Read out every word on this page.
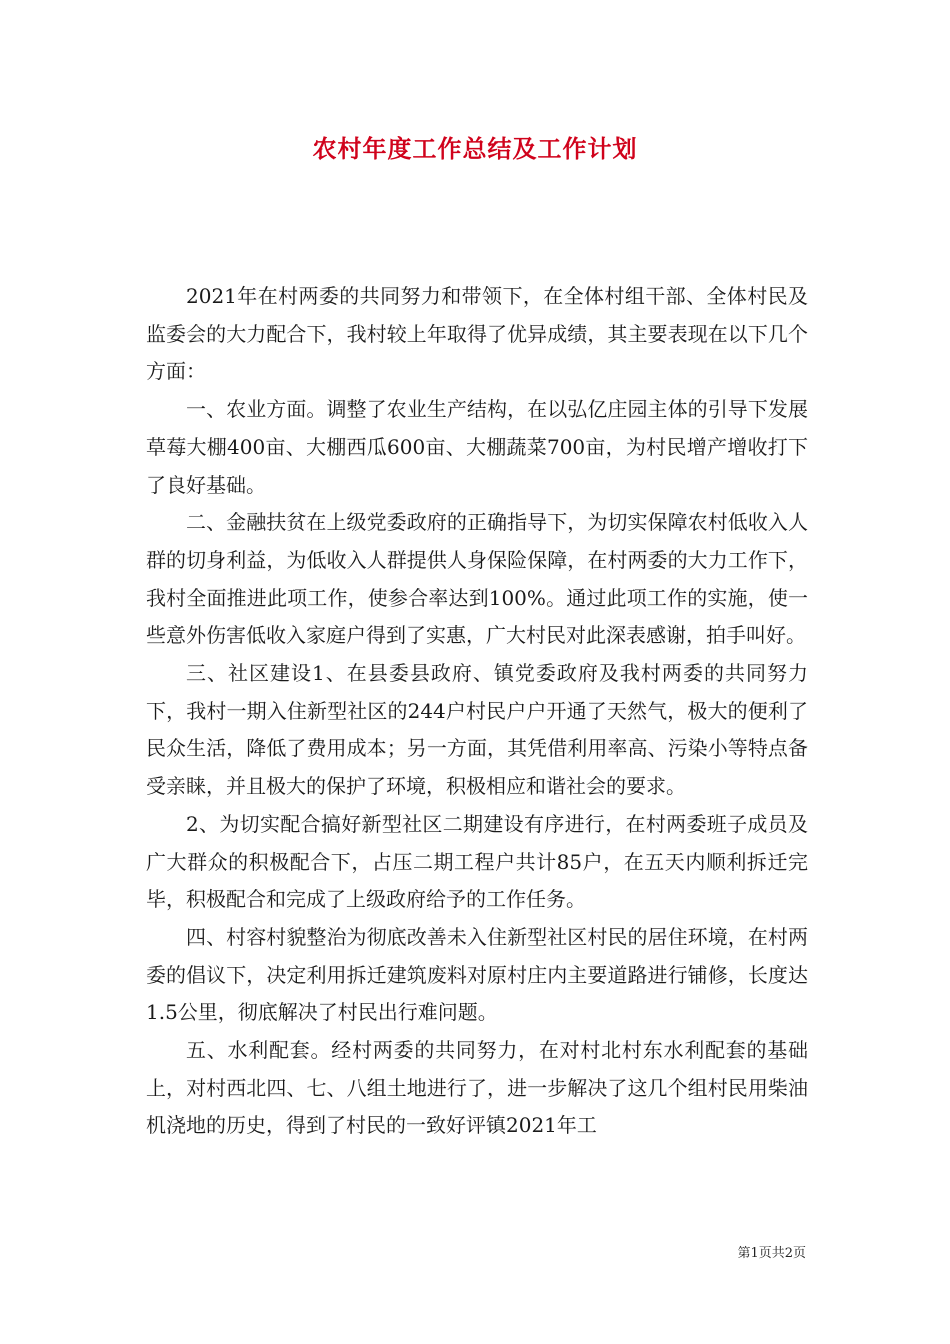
农村年度工作总结及工作计划

2021年在村两委的共同努力和带领下，在全体村组干部、全体村民及监委会的大力配合下，我村较上年取得了优异成绩，其主要表现在以下几个方面：

一、农业方面。调整了农业生产结构，在以弘亿庄园主体的引导下发展草莓大棚400亩、大棚西瓜600亩、大棚蔬菜700亩，为村民增产增收打下了良好基础。

二、金融扶贫在上级党委政府的正确指导下，为切实保障农村低收入人群的切身利益，为低收入人群提供人身保险保障，在村两委的大力工作下，我村全面推进此项工作，使参合率达到100%。通过此项工作的实施，使一些意外伤害低收入家庭户得到了实惠，广大村民对此深表感谢，拍手叫好。

三、社区建设1、在县委县政府、镇党委政府及我村两委的共同努力下，我村一期入住新型社区的244户村民户户开通了天然气，极大的便利了民众生活，降低了费用成本；另一方面，其凭借利用率高、污染小等特点备受亲睐，并且极大的保护了环境，积极相应和谐社会的要求。

2、为切实配合搞好新型社区二期建设有序进行，在村两委班子成员及广大群众的积极配合下，占压二期工程户共计85户，在五天内顺利拆迁完毕，积极配合和完成了上级政府给予的工作任务。

四、村容村貌整治为彻底改善未入住新型社区村民的居住环境，在村两委的倡议下，决定利用拆迁建筑废料对原村庄内主要道路进行铺修，长度达1.5公里，彻底解决了村民出行难问题。

五、水利配套。经村两委的共同努力，在对村北村东水利配套的基础上，对村西北四、七、八组土地进行了，进一步解决了这几个组村民用柴油机浇地的历史，得到了村民的一致好评镇2021年工

第1页共2页
